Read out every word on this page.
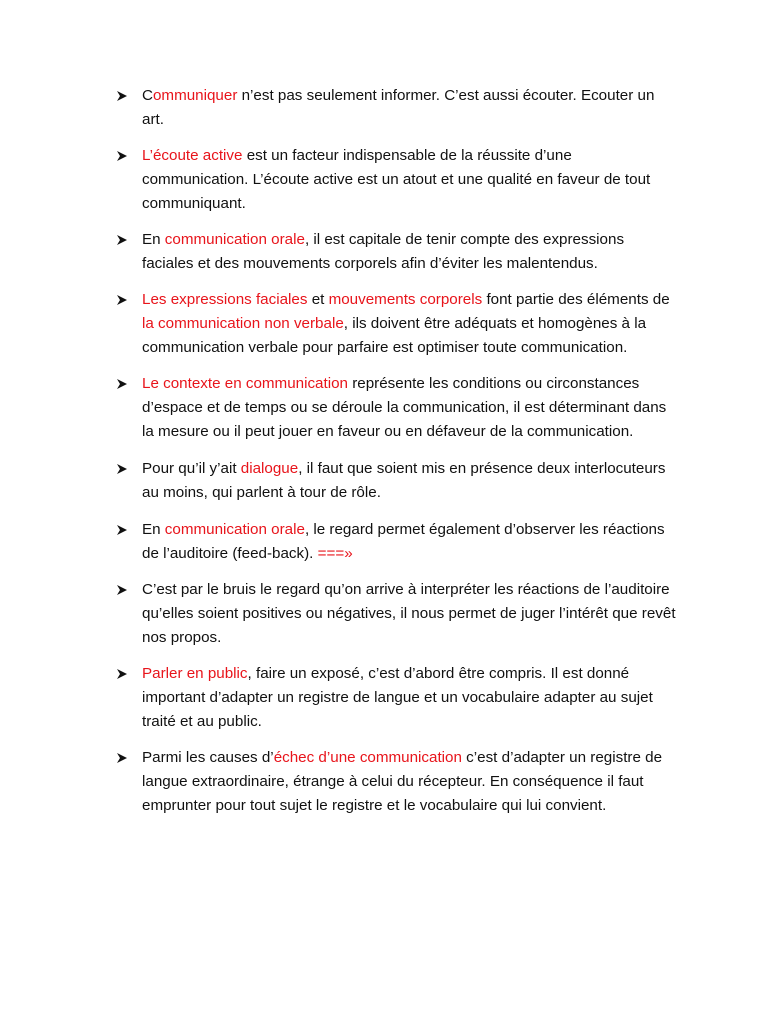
Communiquer n’est pas seulement informer. C’est aussi écouter. Ecouter un art.
L’écoute active est un facteur indispensable de la réussite d’une communication. L’écoute active est un atout et une qualité en faveur de tout communiquant.
En communication orale, il est capitale de tenir compte des expressions faciales et des mouvements corporels afin d’éviter les malentendus.
Les expressions faciales et mouvements corporels font partie des éléments de la communication non verbale, ils doivent être adéquats et homogènes à la communication verbale pour parfaire est optimiser toute communication.
Le contexte en communication représente les conditions ou circonstances d’espace et de temps ou se déroule la communication, il est déterminant dans la mesure ou il peut jouer en faveur ou en défaveur de la communication.
Pour qu’il y’ait dialogue, il faut que soient mis en présence deux interlocuteurs au moins, qui parlent à tour de rôle.
En communication orale, le regard permet également d’observer les réactions de l’auditoire (feed-back). ===»
C’est par le bruis le regard qu’on arrive à interpréter les réactions de l’auditoire qu’elles soient positives ou négatives, il nous permet de juger l’intérêt que revêt nos propos.
Parler en public, faire un exposé, c’est d’abord être compris. Il est donné important d’adapter un registre de langue et un vocabulaire adapter au sujet traité et au public.
Parmi les causes d’échec d’une communication c’est d’adapter un registre de langue extraordinaire, étrange à celui du récepteur. En conséquence il faut emprunter pour tout sujet le registre et le vocabulaire qui lui convient.
